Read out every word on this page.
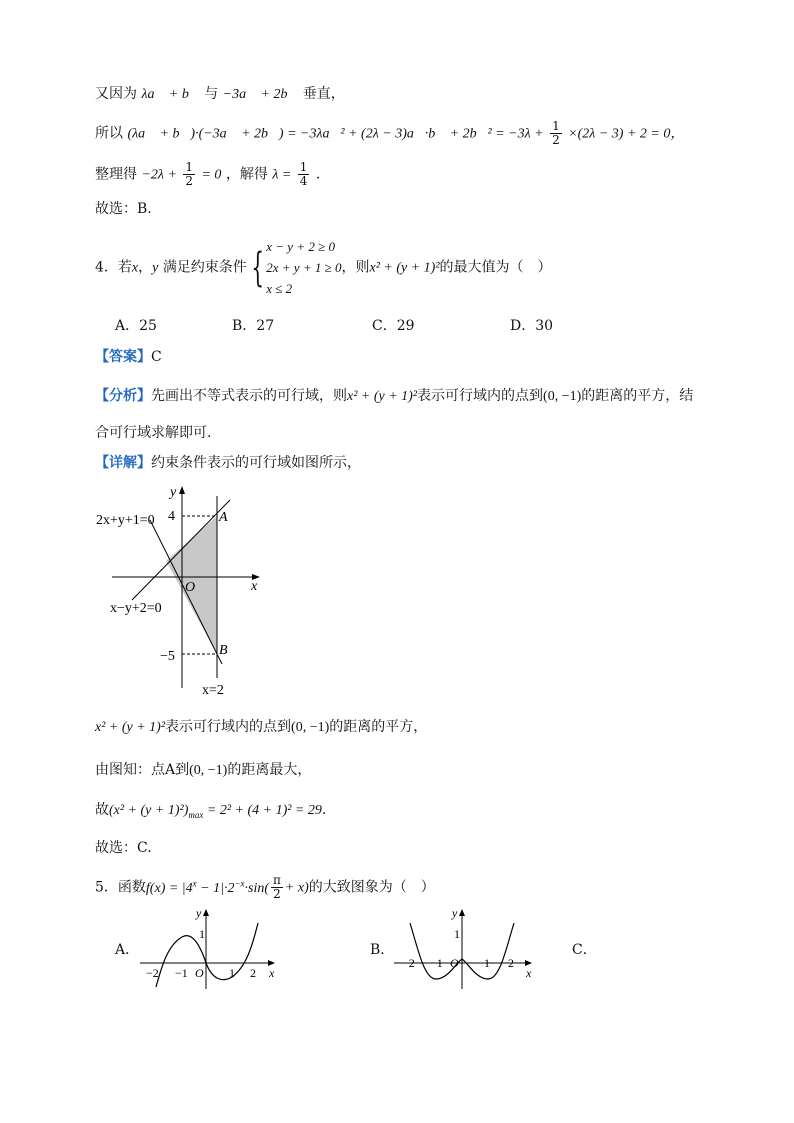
又因为 λa⃗ + b⃗ 与 −3a⃗ + 2b⃗ 垂直，
所以 (λa⃗ + b⃗)·(−3a⃗ + 2b⃗) = −3λa⃗² + (2λ − 3)a⃗·b⃗ + 2b⃗² = $-3\lambda + \frac{1}{2} \times(2\lambda - 3) + 2 = 0$，
整理得 $-2\lambda + \frac{1}{2} = 0$ ，解得 $\lambda = \frac{1}{4}$ .
故选：B.
4．若x，y 满足约束条件 { x − y + 2 ≥ 0
2x + y + 1 ≥ 0
x ≤ 2
，则x² + (y + 1)²的最大值为（　）
A．25	B．27	C．29	D．30
【答案】C
【分析】先画出不等式表示的可行域，则x² + (y + 1)²表示可行域内的点到(0, −1)的距离的平方，结
合可行域求解即可.
【详解】约束条件表示的可行域如图所示，
y
x
O
4
−5
A
B
2x+y+1=0
x−y+2=0
x=2
x² + (y + 1)²表示可行域内的点到(0, −1)的距离的平方，
由图知：点A到(0, −1)的距离最大，
故$(x^2 + (y + 1)^2)_{max} = 2^2 + (4 + 1)^2 = 29$.
故选：C.
5．函数$f(x) = |4^x - 1|\cdot 2^{-x}\cdot\sin( \frac{\pi}{2} + x)$的大致图象为（　）
A．	B．	C．
−2 −1 O 1 2 x
y
1
−2 −1 O 1 2
x
y
1
